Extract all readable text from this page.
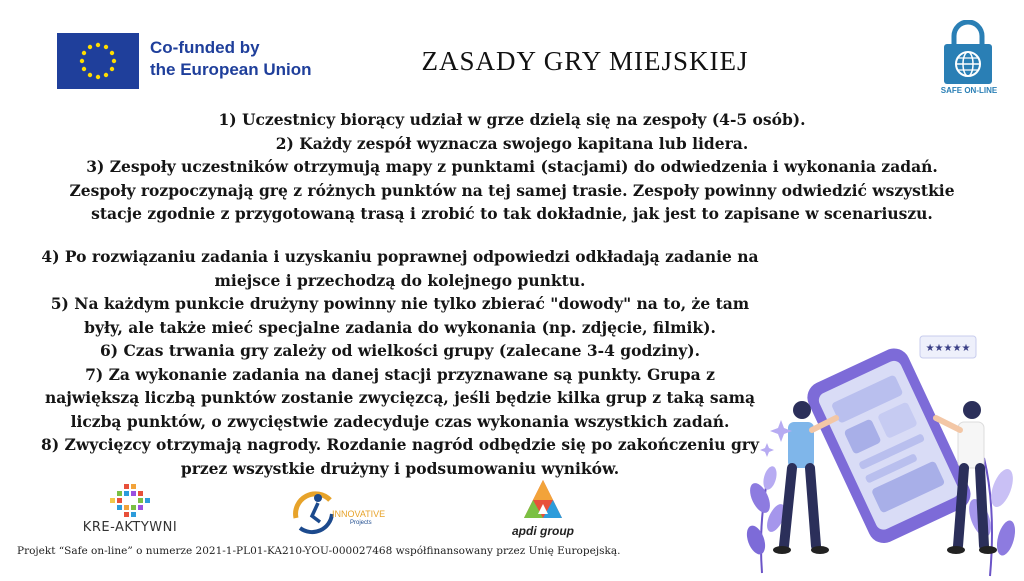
Co-funded by
the European Union	ZASADY GRY MIEJSKIEJ
SAFE ON-LINE
1) Uczestnicy biorący udział w grze dzielą się na zespoły (4-5 osób).
2) Każdy zespół wyznacza swojego kapitana lub lidera.
3) Zespoły uczestników otrzymują mapy z punktami (stacjami) do odwiedzenia i wykonania zadań.
Zespoły rozpoczynają grę z różnych punktów na tej samej trasie. Zespoły powinny odwiedzić wszystkie
stacje zgodnie z przygotowaną trasą i zrobić to tak dokładnie, jak jest to zapisane w scenariuszu.
4) Po rozwiązaniu zadania i uzyskaniu poprawnej odpowiedzi odkładają zadanie na
miejsce i przechodzą do kolejnego punktu.
5) Na każdym punkcie drużyny powinny nie tylko zbierać "dowody" na to, że tam
były, ale także mieć specjalne zadania do wykonania (np. zdjęcie, filmik).
6) Czas trwania gry zależy od wielkości grupy (zalecane 3-4 godziny).
7) Za wykonanie zadania na danej stacji przyznawane są punkty. Grupa z
największą liczbą punktów zostanie zwycięzcą, jeśli będzie kilka grup z taką samą
liczbą punktów, o zwycięstwie zadecyduje czas wykonania wszystkich zadań.
8) Zwycięzcy otrzymają nagrody. Rozdanie nagród odbędzie się po zakończeniu gry
przez wszystkie drużyny i podsumowaniu wyników.
KRE-AKTYWNI
INNOVATIVE
Projects
apdi group
Projekt “Safe on-line” o numerze 2021-1-PL01-KA210-YOU-000027468 współfinansowany przez Unię Europejską.
★★★★★
